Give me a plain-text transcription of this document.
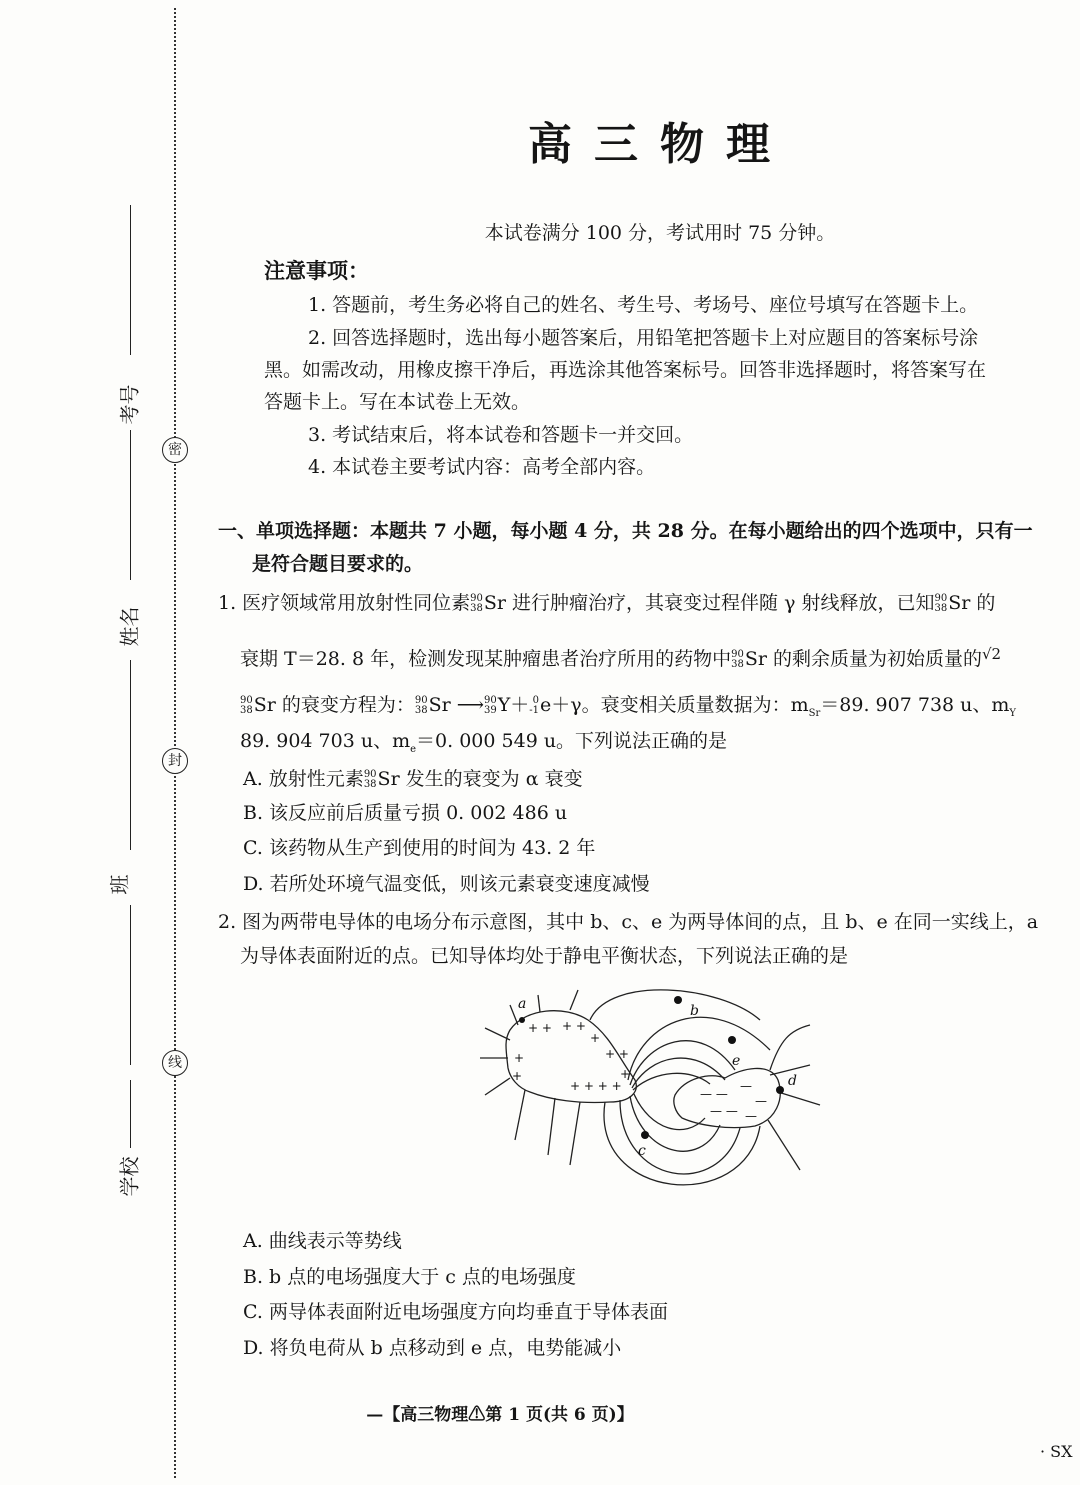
密
封
线
考号
姓名
班
学校
高三物理
本试卷满分 100 分，考试用时 75 分钟。
注意事项：
1. 答题前，考生务必将自己的姓名、考生号、考场号、座位号填写在答题卡上。
2. 回答选择题时，选出每小题答案后，用铅笔把答题卡上对应题目的答案标号涂
黑。如需改动，用橡皮擦干净后，再选涂其他答案标号。回答非选择题时，将答案写在
答题卡上。写在本试卷上无效。
3. 考试结束后，将本试卷和答题卡一并交回。
4. 本试卷主要考试内容：高考全部内容。
一、单项选择题：本题共 7 小题，每小题 4 分，共 28 分。在每小题给出的四个选项中，只有一
是符合题目要求的。
1. 医疗领域常用放射性同位素90
38Sr 进行肿瘤治疗，其衰变过程伴随 γ 射线释放，已知90
38Sr 的
衰期 T＝28. 8 年，检测发现某肿瘤患者治疗所用的药物中90
38Sr 的剩余质量为初始质量的√2
90
38Sr 的衰变方程为：90
38Sr ⟶90
39Y＋ 0
-1e＋γ。衰变相关质量数据为：$m_{Sr}=89$. 907 738 u、$m_Y$
89. 904 703 u、$m_e=0$. 000 549 u。下列说法正确的是
A. 放射性元素90
38Sr 发生的衰变为 α 衰变
B. 该反应前后质量亏损 0. 002 486 u
C. 该药物从生产到使用的时间为 43. 2 年
D. 若所处环境气温变低，则该元素衰变速度减慢
2. 图为两带电导体的电场分布示意图，其中 b、c、e 为两导体间的点，且 b、e 在同一实线上，a
为导体表面附近的点。已知导体均处于静电平衡状态，下列说法正确的是
a	b
c
d
e
+ + + +
+
+	+ +
+
+ + + +
+
— —
—
—
— — —
A. 曲线表示等势线
B. b 点的电场强度大于 c 点的电场强度
C. 两导体表面附近电场强度方向均垂直于导体表面
D. 将负电荷从 b 点移动到 e 点，电势能减小
—【高三物理⚠第 1 页(共 6 页)】
· SX
